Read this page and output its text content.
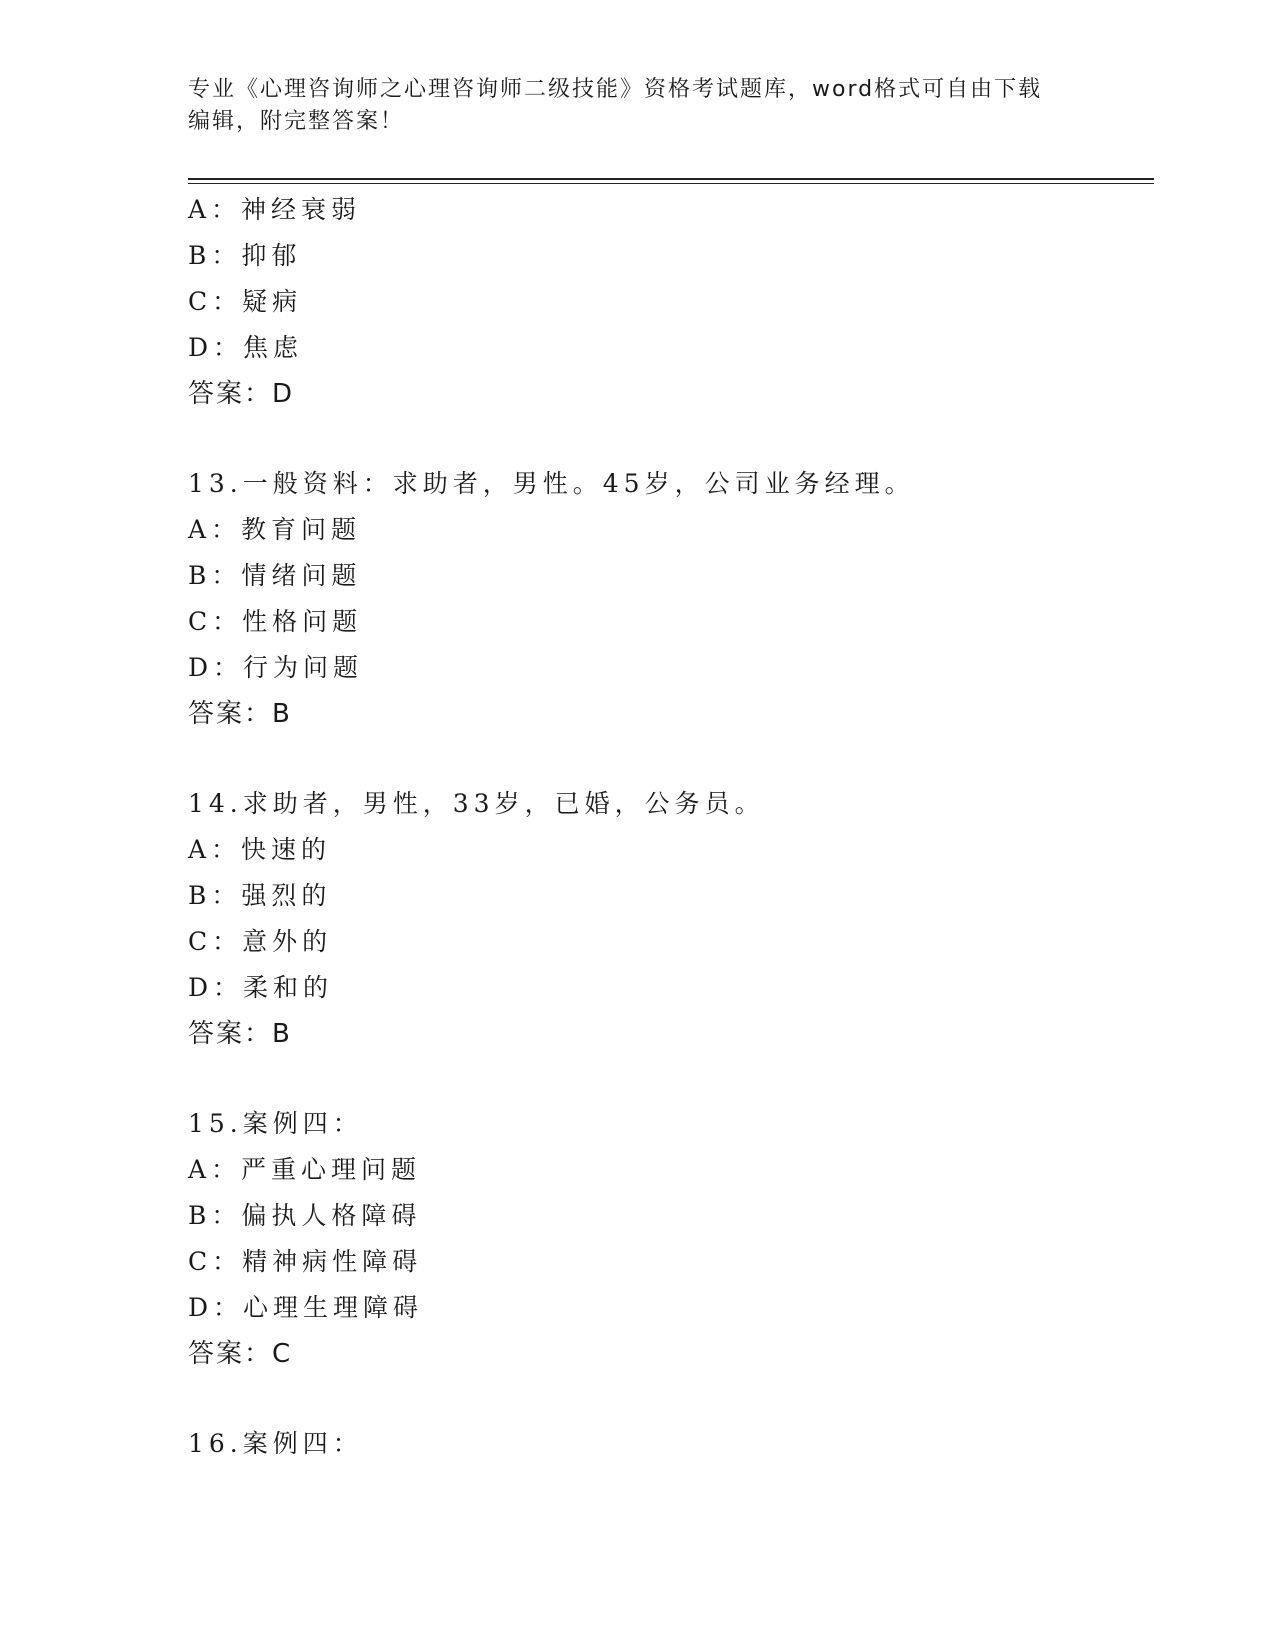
专业《心理咨询师之心理咨询师二级技能》资格考试题库，word格式可自由下载
编辑，附完整答案！
A：神经衰弱
B：抑郁
C：疑病
D：焦虑
答案：D
13.一般资料：求助者，男性。45岁，公司业务经理。
A：教育问题
B：情绪问题
C：性格问题
D：行为问题
答案：B
14.求助者，男性，33岁，已婚，公务员。
A：快速的
B：强烈的
C：意外的
D：柔和的
答案：B
15.案例四：
A：严重心理问题
B：偏执人格障碍
C：精神病性障碍
D：心理生理障碍
答案：C
16.案例四：
